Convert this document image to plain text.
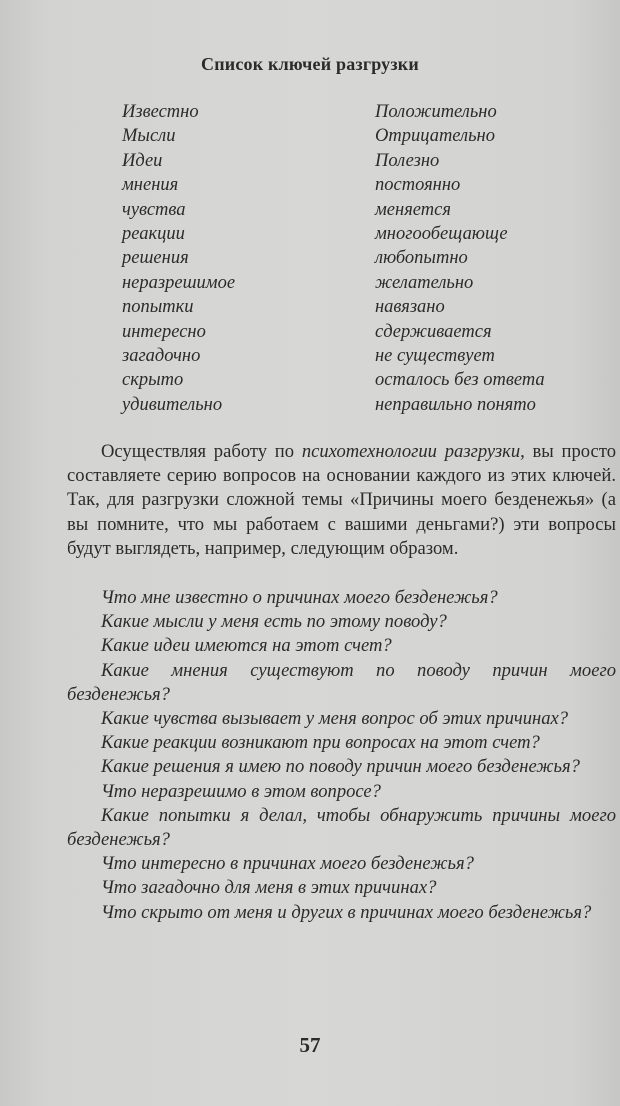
Список ключей разгрузки
Известно
Мысли
Идеи
мнения
чувства
реакции
решения
неразрешимое
попытки
интересно
загадочно
скрыто
удивительно
Положительно
Отрицательно
Полезно
постоянно
меняется
многообещающе
любопытно
желательно
навязано
сдерживается
не существует
осталось без ответа
неправильно понято
Осуществляя работу по психотехнологии разгрузки, вы просто составляете серию вопросов на основании каждого из этих ключей. Так, для разгрузки сложной темы «Причины моего безденежья» (а вы помните, что мы работаем с вашими деньгами?) эти вопросы будут выглядеть, например, следующим образом.

Что мне известно о причинах моего безденежья?

Какие мысли у меня есть по этому поводу?

Какие идеи имеются на этот счет?

Какие мнения существуют по поводу причин моего безденежья?

Какие чувства вызывает у меня вопрос об этих причинах?

Какие реакции возникают при вопросах на этот счет?

Какие решения я имею по поводу причин моего безденежья?

Что неразрешимо в этом вопросе?

Какие попытки я делал, чтобы обнаружить причины моего безденежья?

Что интересно в причинах моего безденежья?

Что загадочно для меня в этих причинах?

Что скрыто от меня и других в причинах моего безденежья?

57
